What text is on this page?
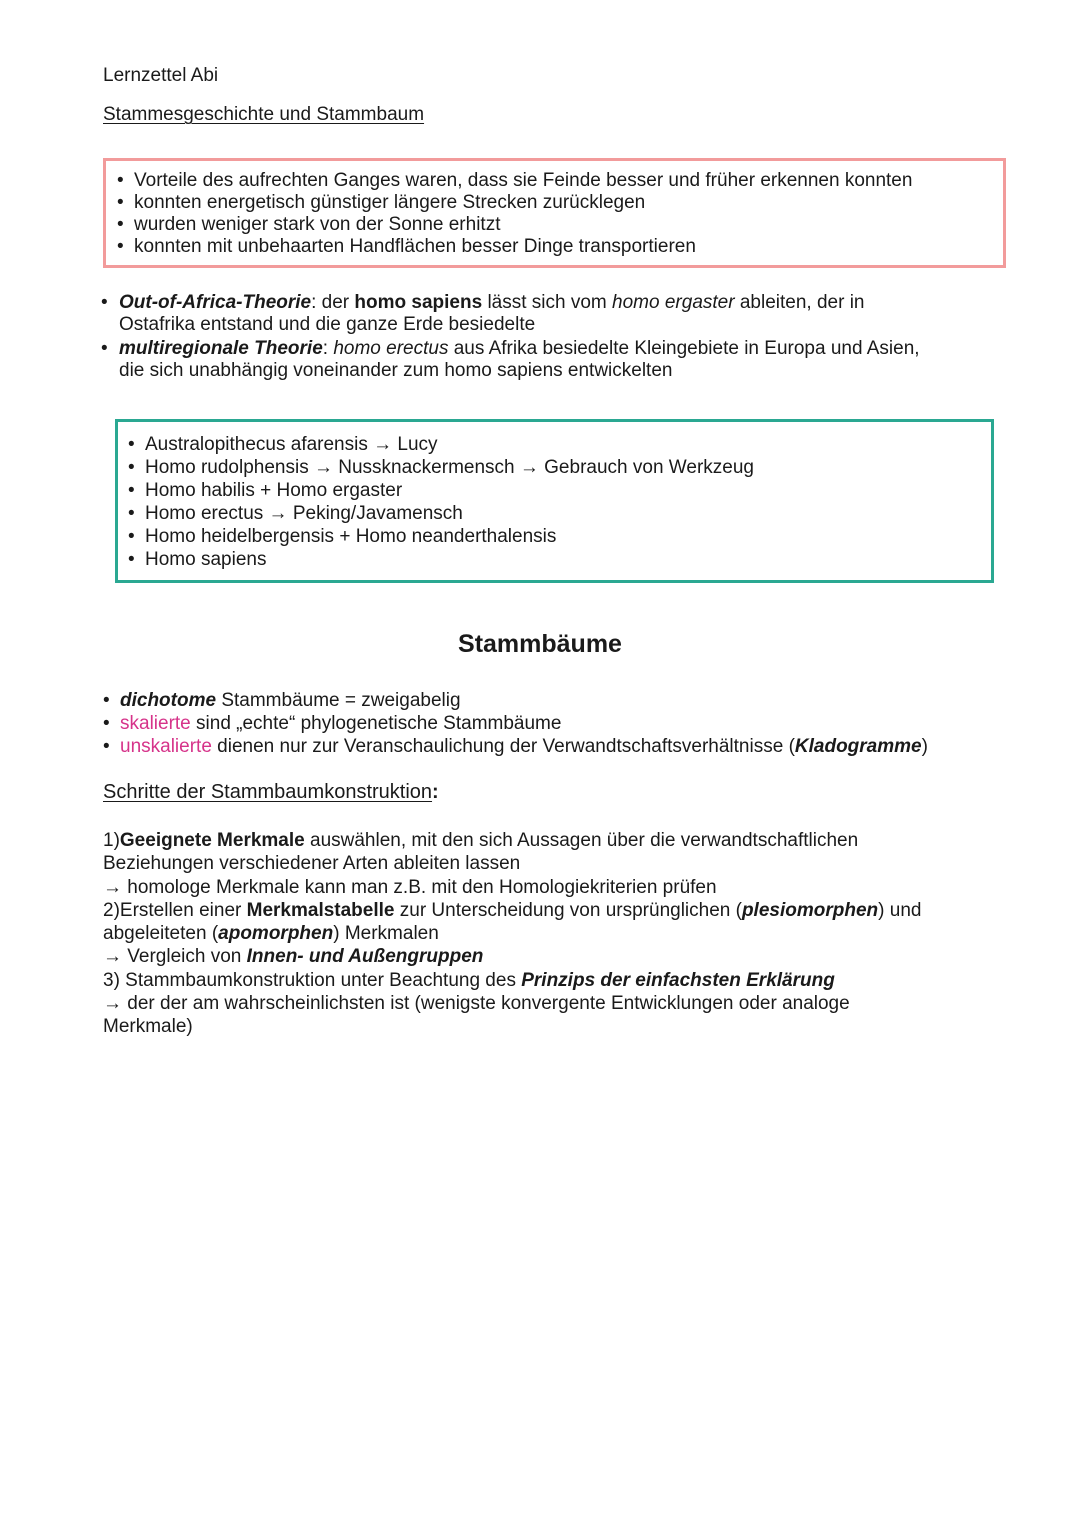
Lernzettel Abi
Stammesgeschichte und Stammbaum
• Vorteile des aufrechten Ganges waren, dass sie Feinde besser und früher erkennen konnten
• konnten energetisch günstiger längere Strecken zurücklegen
• wurden weniger stark von der Sonne erhitzt
• konnten mit unbehaarten Handflächen besser Dinge transportieren
• Out-of-Africa-Theorie: der homo sapiens lässt sich vom homo ergaster ableiten, der in
Ostafrika entstand und die ganze Erde besiedelte
• multiregionale Theorie: homo erectus aus Afrika besiedelte Kleingebiete in Europa und Asien,
die sich unabhängig voneinander zum homo sapiens entwickelten
• Australopithecus afarensis → Lucy
• Homo rudolphensis → Nussknackermensch → Gebrauch von Werkzeug
• Homo habilis + Homo ergaster
• Homo erectus → Peking/Javamensch
• Homo heidelbergensis + Homo neanderthalensis
• Homo sapiens
Stammbäume
• dichotome Stammbäume = zweigabelig
• skalierte sind „echte“ phylogenetische Stammbäume
• unskalierte dienen nur zur Veranschaulichung der Verwandtschaftsverhältnisse (Kladogramme)
Schritte der Stammbaumkonstruktion:
1)Geeignete Merkmale auswählen, mit den sich Aussagen über die verwandtschaftlichen
Beziehungen verschiedener Arten ableiten lassen
→ homologe Merkmale kann man z.B. mit den Homologiekriterien prüfen
2)Erstellen einer Merkmalstabelle zur Unterscheidung von ursprünglichen (plesiomorphen) und
abgeleiteten (apomorphen) Merkmalen
→ Vergleich von Innen- und Außengruppen
3) Stammbaumkonstruktion unter Beachtung des Prinzips der einfachsten Erklärung
→ der der am wahrscheinlichsten ist (wenigste konvergente Entwicklungen oder analoge
Merkmale)
